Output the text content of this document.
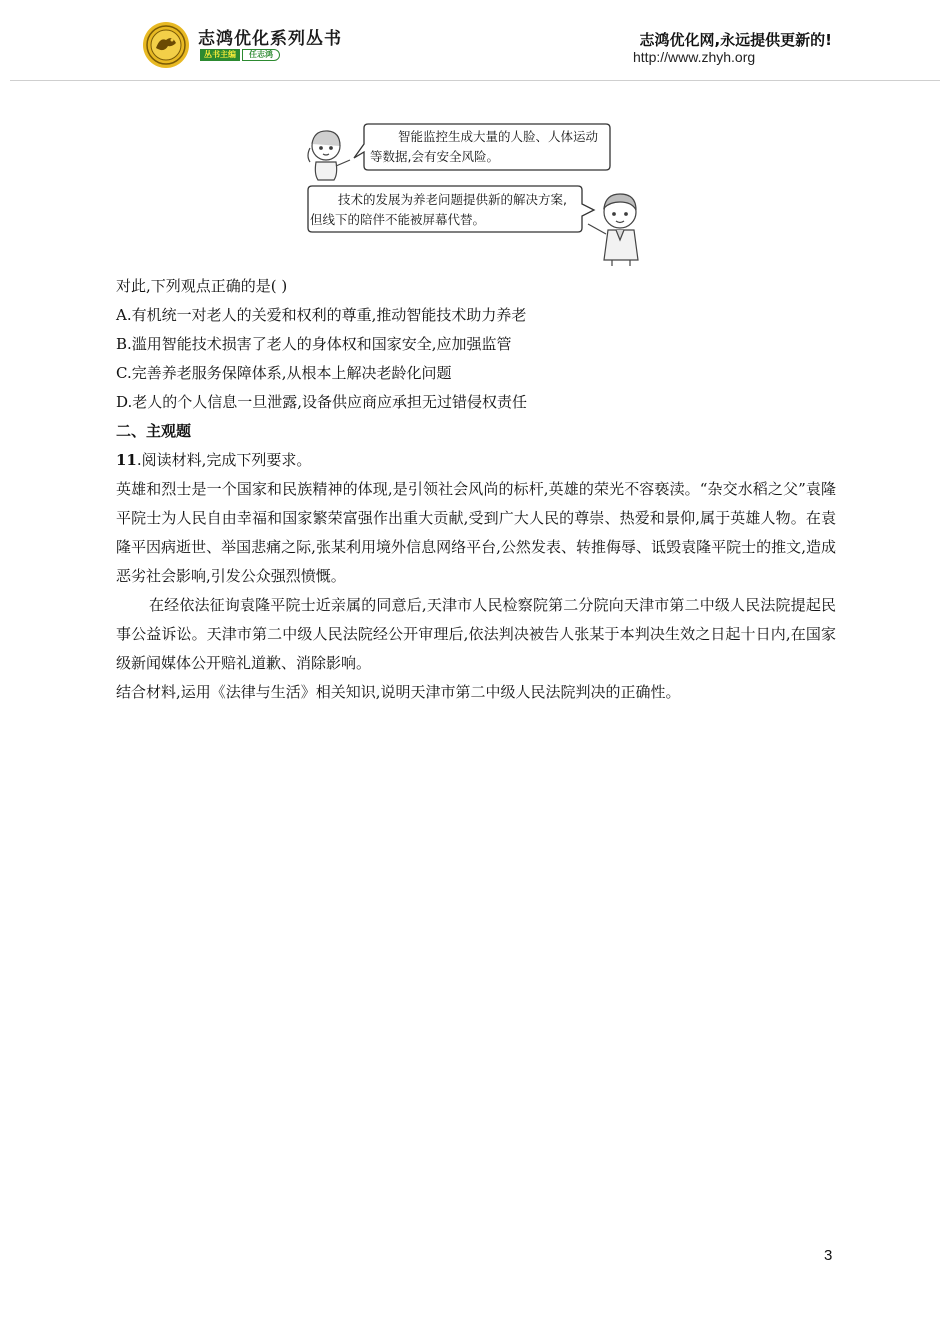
志鸿优化系列丛书
丛书主编	任志鸿
志鸿优化网,永远提供更新的!
http://www.zhyh.org
智能监控生成大量的人脸、人体运动等数据,会有安全风险。
技术的发展为养老问题提供新的解决方案,但线下的陪伴不能被屏幕代替。
对此,下列观点正确的是( )
A.有机统一对老人的关爱和权利的尊重,推动智能技术助力养老
B.滥用智能技术损害了老人的身体权和国家安全,应加强监管
C.完善养老服务保障体系,从根本上解决老龄化问题
D.老人的个人信息一旦泄露,设备供应商应承担无过错侵权责任
二、主观题
11.阅读材料,完成下列要求。

英雄和烈士是一个国家和民族精神的体现,是引领社会风尚的标杆,英雄的荣光不容亵渎。“杂交水稻之父”袁隆平院士为人民自由幸福和国家繁荣富强作出重大贡献,受到广大人民的尊崇、热爱和景仰,属于英雄人物。在袁隆平因病逝世、举国悲痛之际,张某利用境外信息网络平台,公然发表、转推侮辱、诋毁袁隆平院士的推文,造成恶劣社会影响,引发公众强烈愤慨。

在经依法征询袁隆平院士近亲属的同意后,天津市人民检察院第二分院向天津市第二中级人民法院提起民事公益诉讼。天津市第二中级人民法院经公开审理后,依法判决被告人张某于本判决生效之日起十日内,在国家级新闻媒体公开赔礼道歉、消除影响。

结合材料,运用《法律与生活》相关知识,说明天津市第二中级人民法院判决的正确性。
3
